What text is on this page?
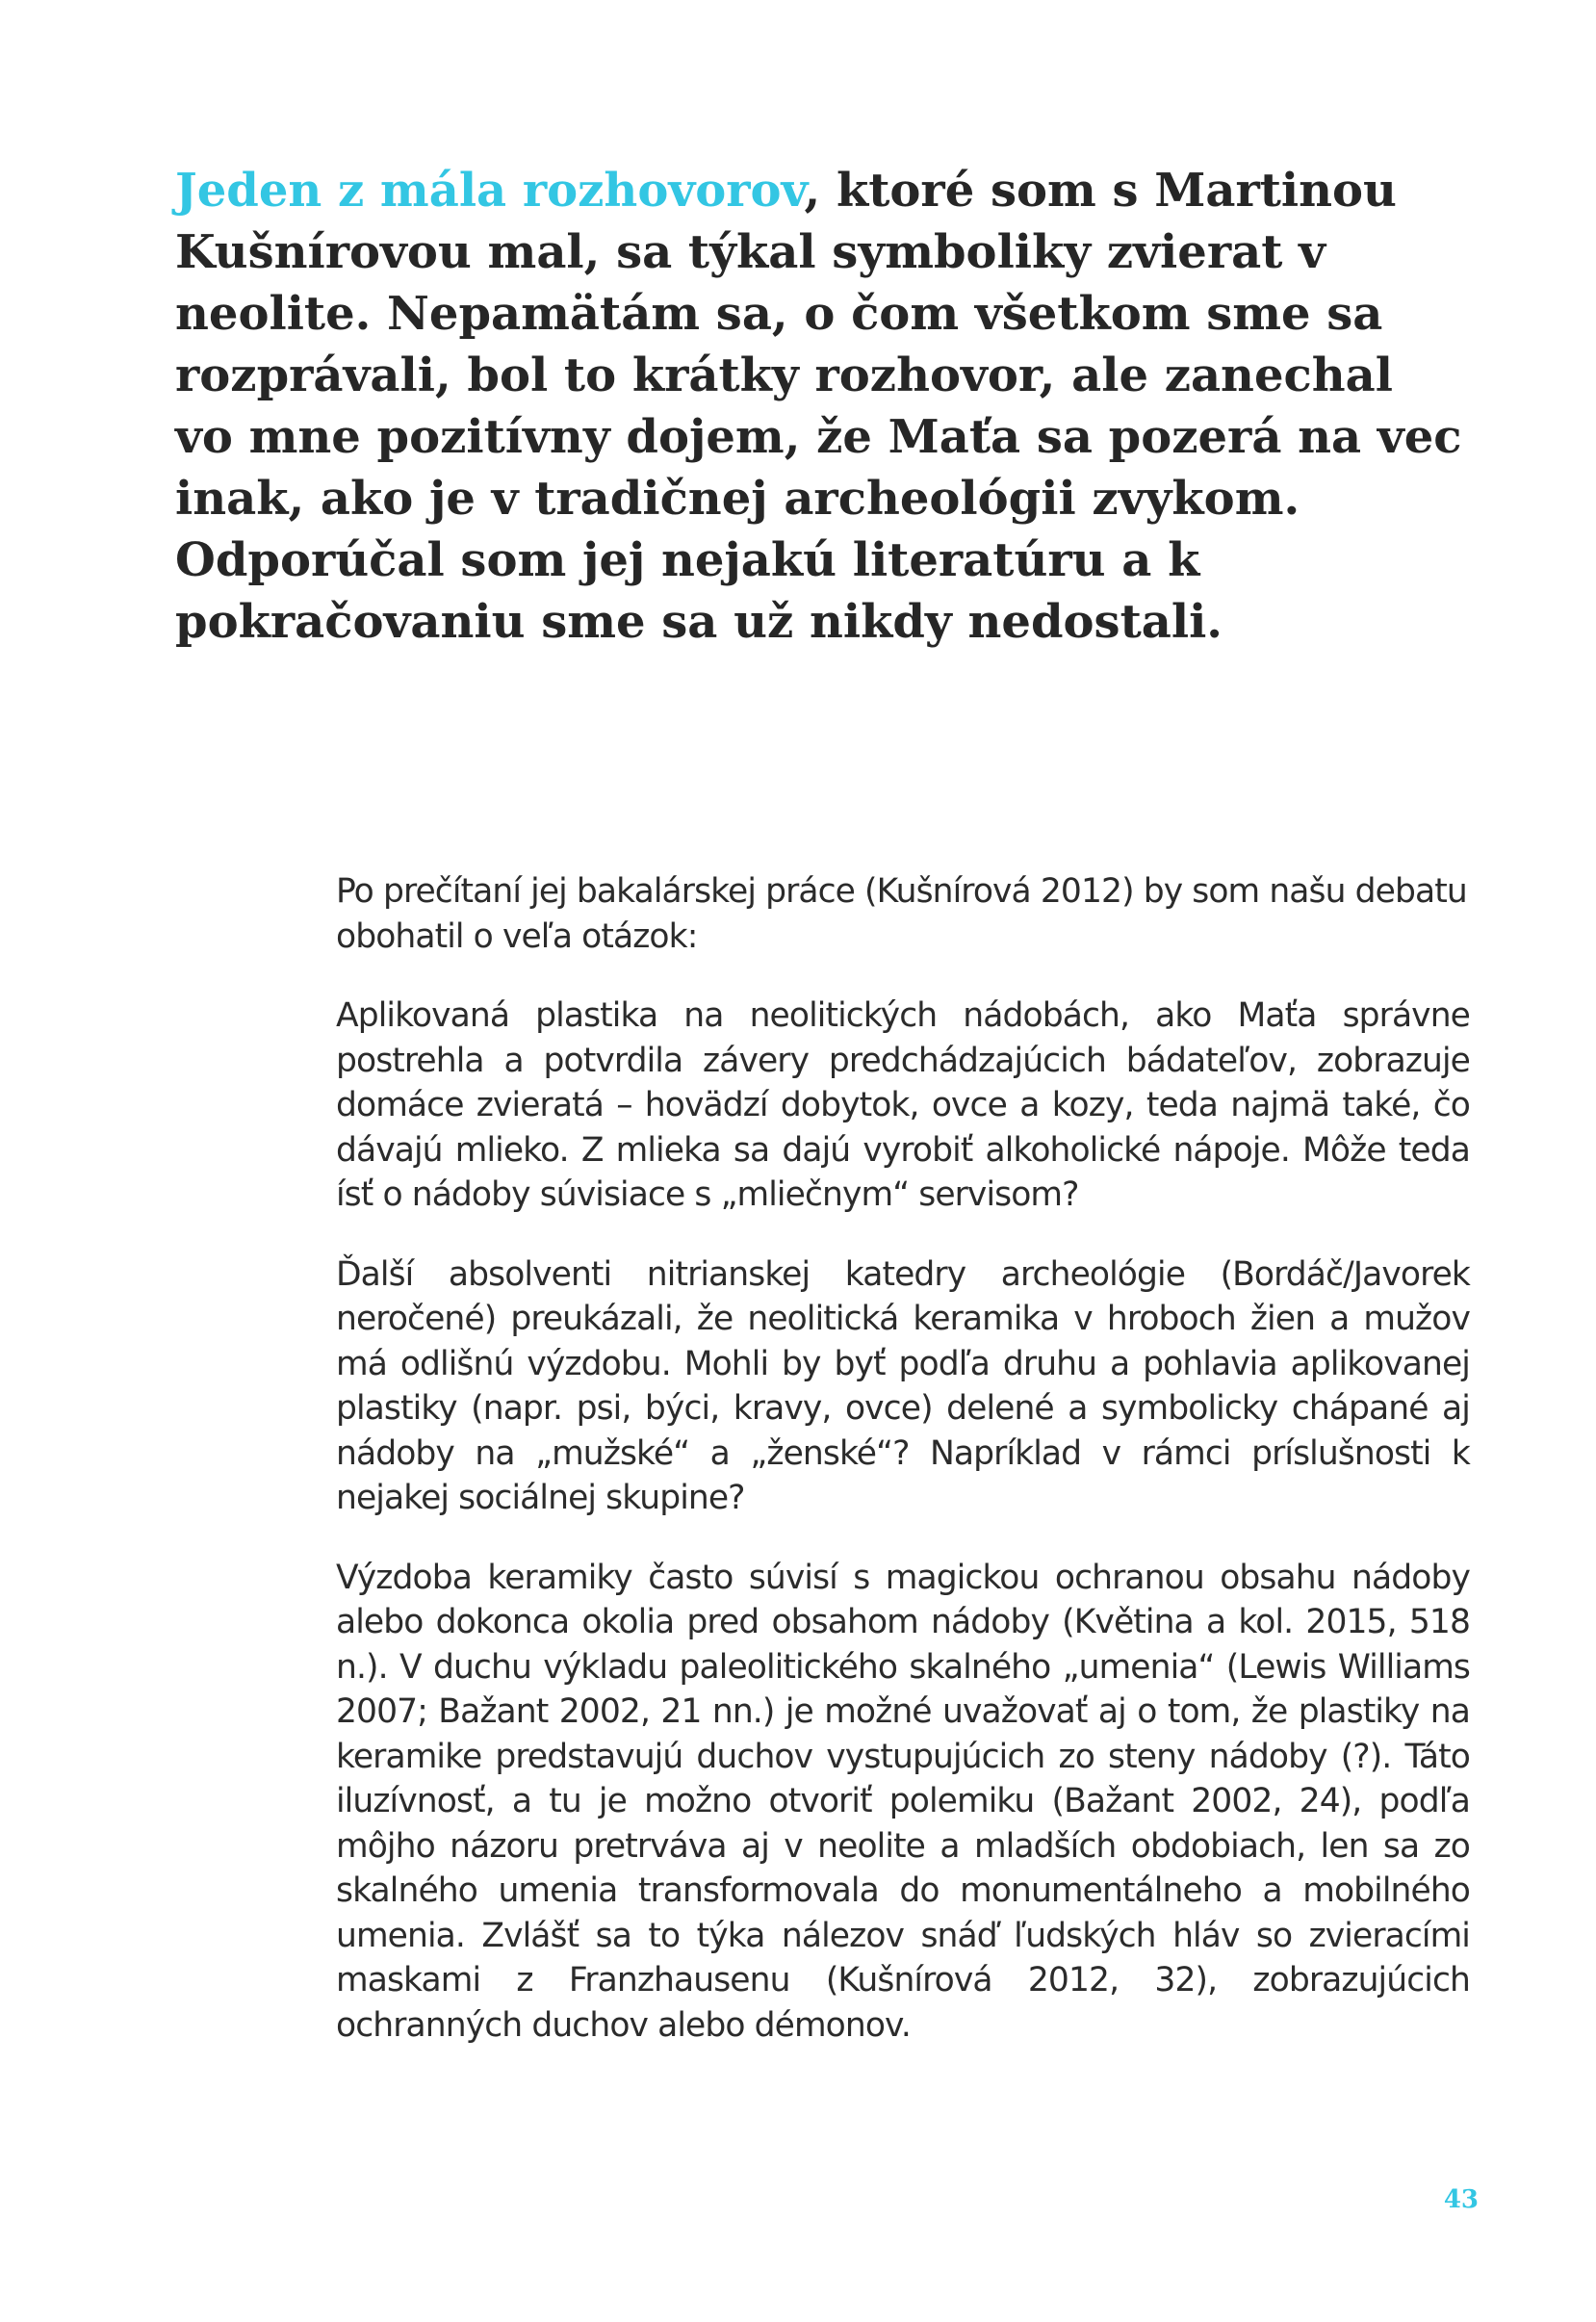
Jeden z mála rozhovorov, ktoré som s Martinou Kušnírovou mal, sa týkal symboliky zvierat v neolite. Nepamätám sa, o čom všetkom sme sa rozprávali, bol to krátky rozhovor, ale zanechal vo mne pozitívny dojem, že Maťa sa pozerá na vec inak, ako je v tradičnej archeológii zvykom. Odporúčal som jej nejakú literatúru a k pokračovaniu sme sa už nikdy nedostali.

Po prečítaní jej bakalárskej práce (Kušnírová 2012) by som našu debatu obohatil o veľa otázok:

Aplikovaná plastika na neolitických nádobách, ako Maťa správne postrehla a potvrdila závery predchádzajúcich bádateľov, zobrazuje domáce zvieratá – hovädzí dobytok, ovce a kozy, teda najmä také, čo dávajú mlieko. Z mlieka sa dajú vyrobiť alkoholické nápoje. Môže teda ísť o nádoby súvisiace s „mliečnym“ servisom?

Ďalší absolventi nitrianskej katedry archeológie (Bordáč/Javorek neročené) preukázali, že neolitická keramika v hroboch žien a mužov má odlišnú výzdobu. Mohli by byť podľa druhu a pohlavia aplikovanej plastiky (napr. psi, býci, kravy, ovce) delené a symbolicky chápané aj nádoby na „mužské“ a „ženské“? Napríklad v rámci príslušnosti k nejakej sociálnej skupine?

Výzdoba keramiky často súvisí s magickou ochranou obsahu nádoby alebo dokonca okolia pred obsahom nádoby (Květina a kol. 2015, 518 n.). V duchu výkladu paleolitického skalného „umenia“ (Lewis Williams 2007; Bažant 2002, 21 nn.) je možné uvažovať aj o tom, že plastiky na keramike predstavujú duchov vystupujúcich zo steny nádoby (?). Táto iluzívnosť, a tu je možno otvoriť polemiku (Bažant 2002, 24), podľa môjho názoru pretrváva aj v neolite a mladších obdobiach, len sa zo skalného umenia transformovala do monumentálneho a mobilného umenia. Zvlášť sa to týka nálezov snáď ľudských hláv so zvieracími maskami z Franzhausenu (Kušnírová 2012, 32), zobrazujúcich ochranných duchov alebo démonov.

43
